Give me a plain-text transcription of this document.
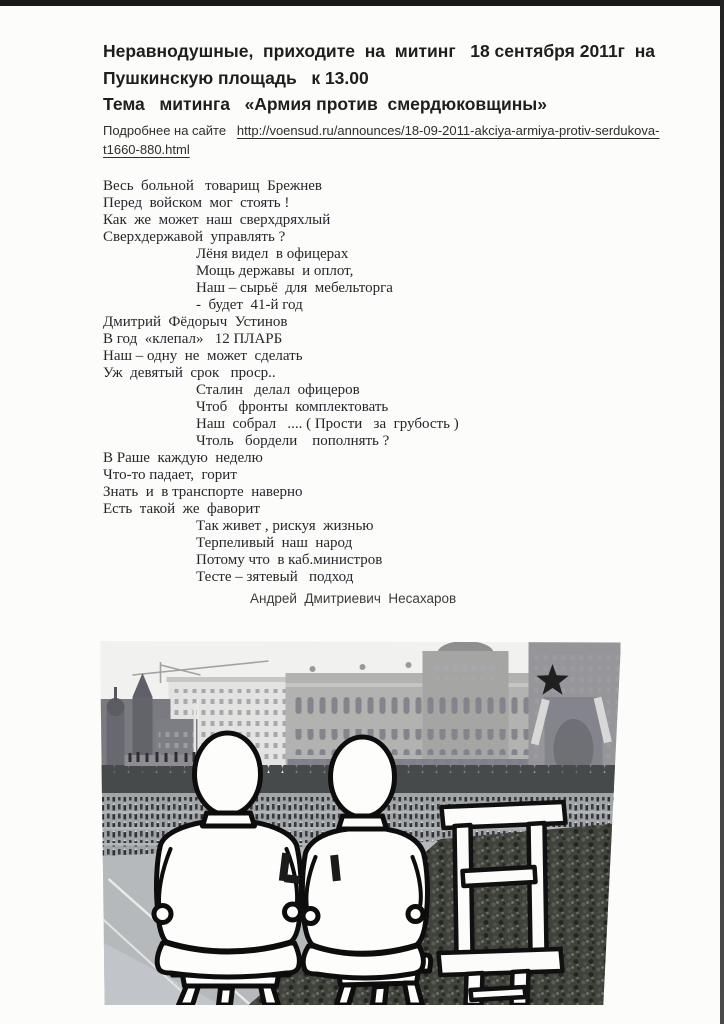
Неравнодушные,  приходите  на  митинг   18 сентября 2011г  на
Пушкинскую площадь   к 13.00
Тема   митинга   «Армия против  смердюковщины»
Подробнее на сайте   http://voensud.ru/announces/18-09-2011-akciya-armiya-protiv-serdukova-
t1660-880.html
Весь  больной   товарищ  Брежнев
Перед  войском  мог  стоять !
Как  же  может  наш  сверхдряхлый
Сверхдержавой  управлять ?
Лёня видел  в офицерах
Мощь державы  и оплот,
Наш – сырьё  для  мебельторга
-  будет  41-й год
Дмитрий  Фёдорыч  Устинов
В год  «клепал»   12 ПЛАРБ
Наш – одну  не  может  сделать
Уж  девятый  срок   проср..
Сталин   делал  офицеров
Чтоб   фронты  комплектовать
Наш  собрал   .... ( Прости   за  грубость )
Чтоль   бордели    пополнять ?
В Раше  каждую  неделю
Что-то падает,  горит
Знать  и  в транспорте  наверно
Есть  такой  же  фаворит
Так живет , рискуя  жизнью
Терпеливый  наш  народ
Потому что  в каб.министров
Тесте – зятевый   подход
Андрей  Дмитриевич  Несахаров
